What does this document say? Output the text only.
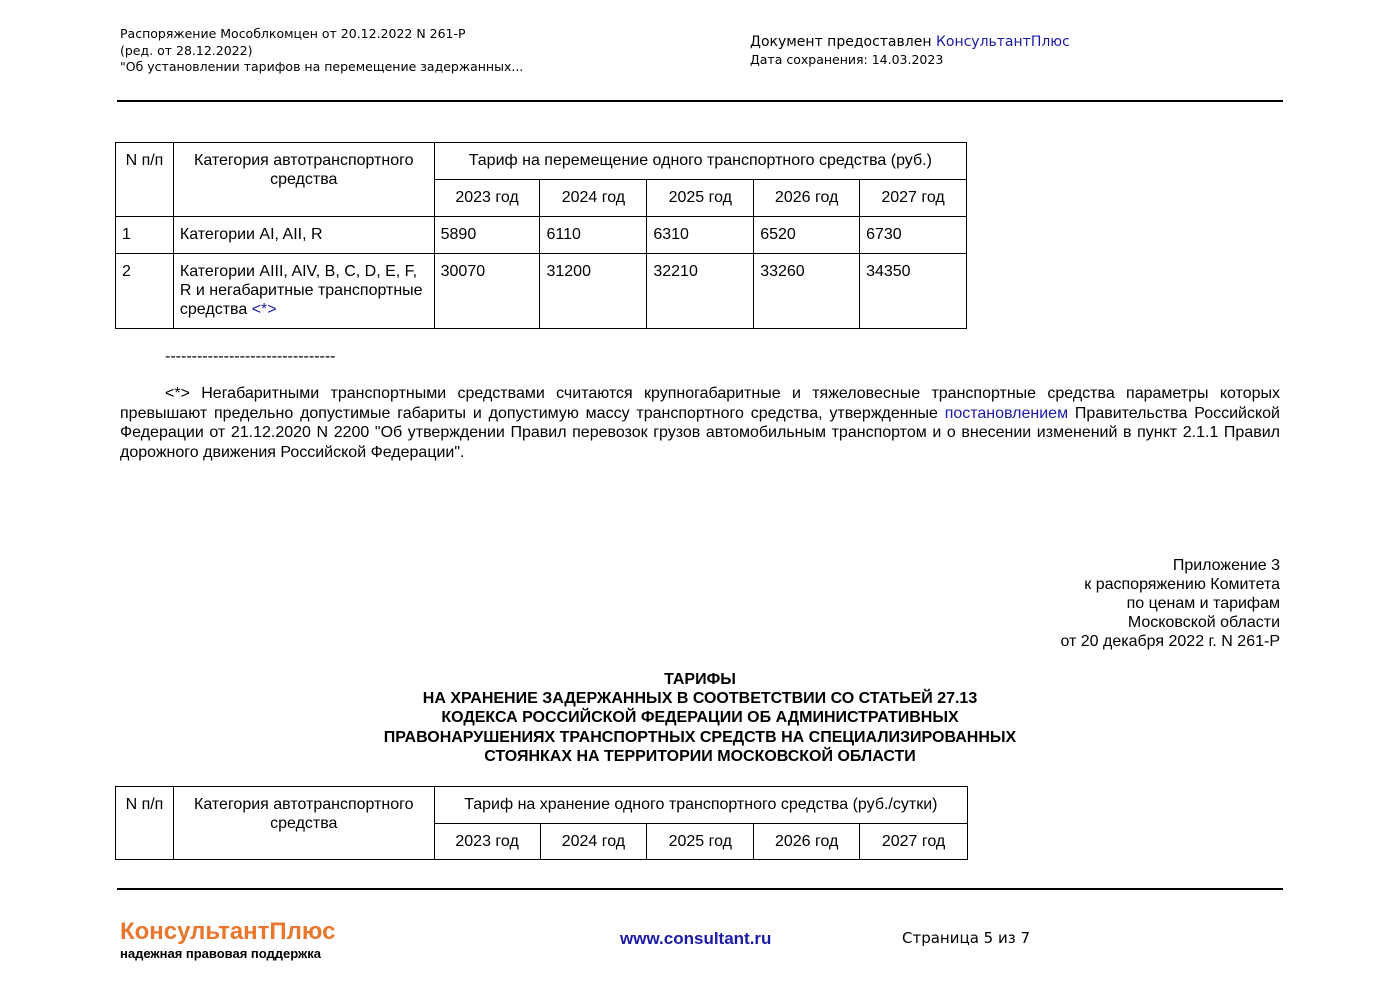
Распоряжение Мособлкомцен от 20.12.2022 N 261-Р
(ред. от 28.12.2022)
"Об установлении тарифов на перемещение задержанных...
Документ предоставлен КонсультантПлюс
Дата сохранения: 14.03.2023
N п/п	Категория автотранспортного средства	Тариф на перемещение одного транспортного средства (руб.)				
		2023 год	2024 год	2025 год	2026 год	2027 год
1	Категории AI, AII, R	5890	6110	6310	6520	6730
2	Категории AIII, AIV, B, C, D, E, F, R и негабаритные транспортные средства <*>	30070	31200	32210	33260	34350
--------------------------------
<*> Негабаритными транспортными средствами считаются крупногабаритные и тяжеловесные транспортные средства параметры которых превышают предельно допустимые габариты и допустимую массу транспортного средства, утвержденные постановлением Правительства Российской Федерации от 21.12.2020 N 2200 "Об утверждении Правил перевозок грузов автомобильным транспортом и о внесении изменений в пункт 2.1.1 Правил дорожного движения Российской Федерации".
Приложение 3
к распоряжению Комитета
по ценам и тарифам
Московской области
от 20 декабря 2022 г. N 261-Р
ТАРИФЫ
НА ХРАНЕНИЕ ЗАДЕРЖАННЫХ В СООТВЕТСТВИИ СО СТАТЬЕЙ 27.13
КОДЕКСА РОССИЙСКОЙ ФЕДЕРАЦИИ ОБ АДМИНИСТРАТИВНЫХ
ПРАВОНАРУШЕНИЯХ ТРАНСПОРТНЫХ СРЕДСТВ НА СПЕЦИАЛИЗИРОВАННЫХ
СТОЯНКАХ НА ТЕРРИТОРИИ МОСКОВСКОЙ ОБЛАСТИ
N п/п	Категория автотранспортного средства	Тариф на хранение одного транспортного средства (руб./сутки)				
		2023 год	2024 год	2025 год	2026 год	2027 год
КонсультантПлюс
надежная правовая поддержка
www.consultant.ru	Страница 5 из 7
